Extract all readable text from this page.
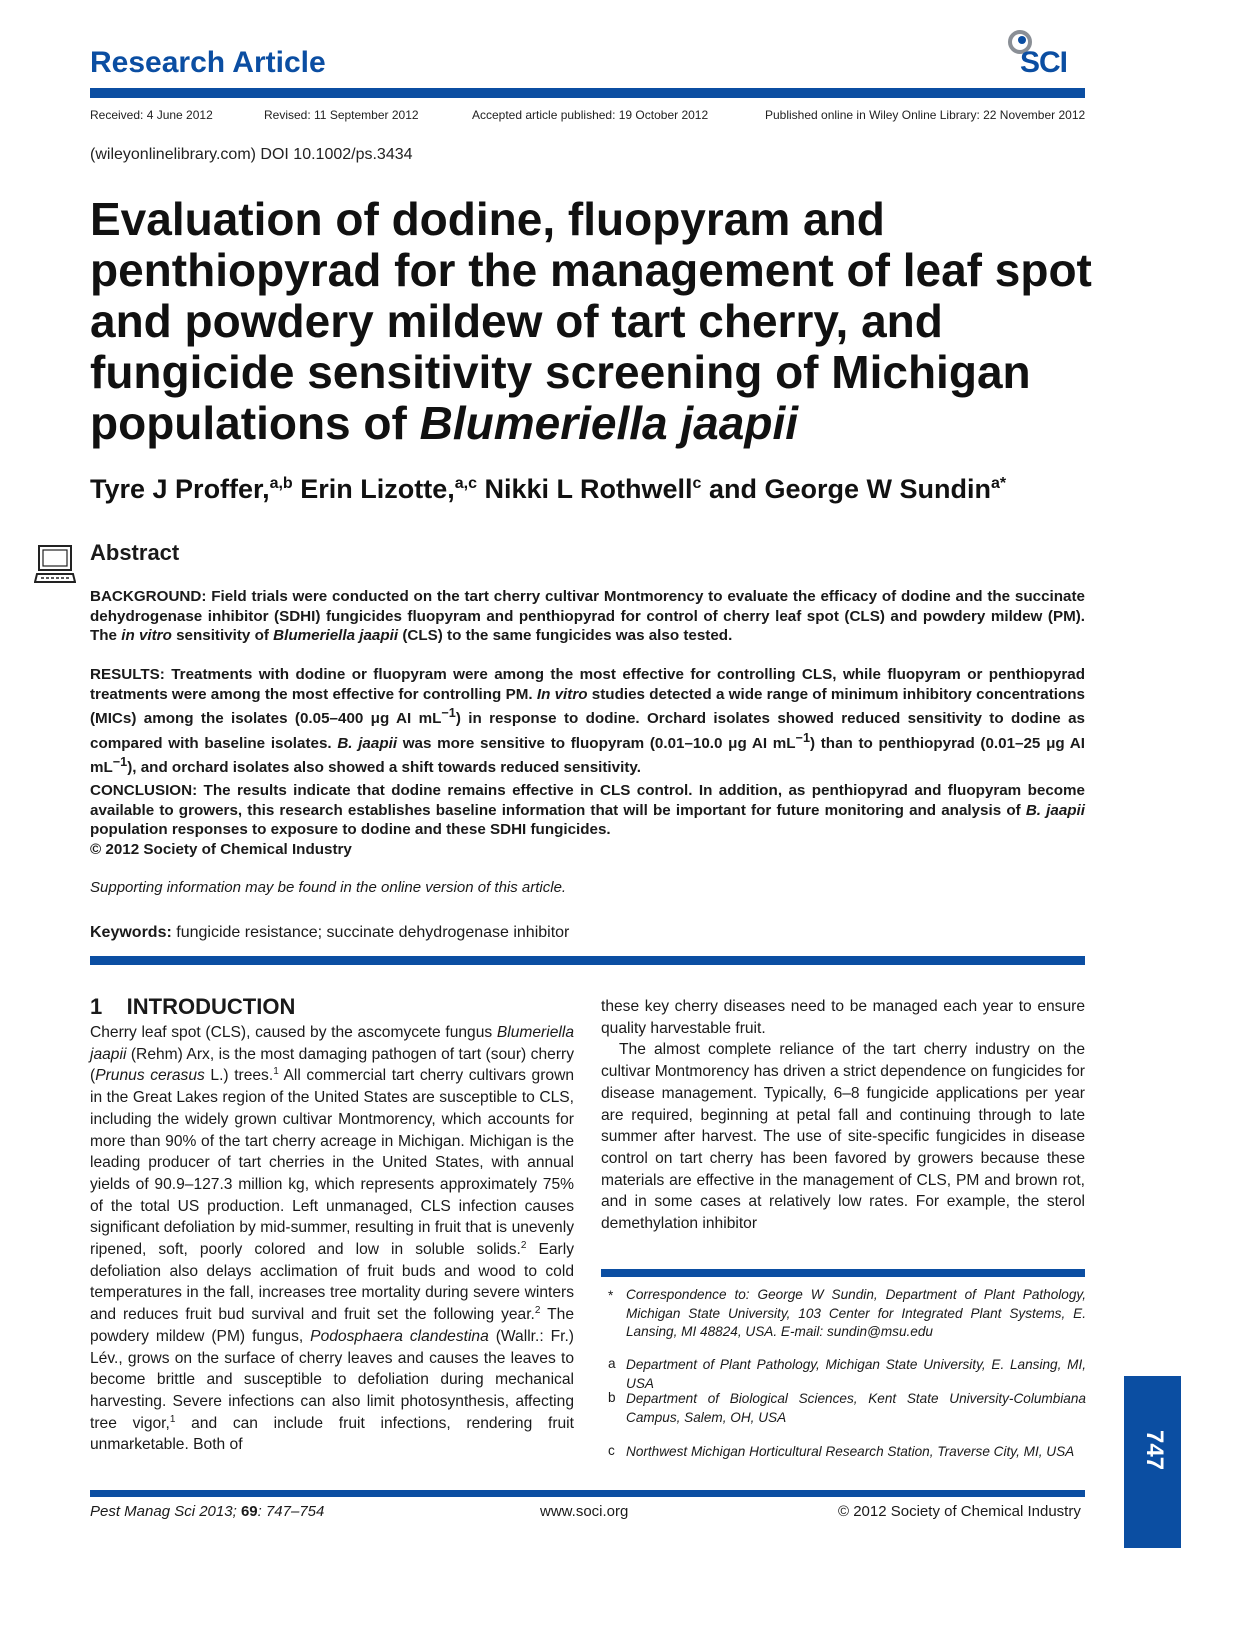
Research Article	SCI
Received: 4 June 2012	Revised: 11 September 2012	Accepted article published: 19 October 2012	Published online in Wiley Online Library: 22 November 2012
(wileyonlinelibrary.com) DOI 10.1002/ps.3434
Evaluation of dodine, fluopyram and penthiopyrad for the management of leaf spot and powdery mildew of tart cherry, and fungicide sensitivity screening of Michigan populations of Blumeriella jaapii
Tyre J Proffer,$^{a,b}$ Erin Lizotte,$^{a,c}$ Nikki L Rothwell$^c$ and George W Sundin$^{a*}$
Abstract
BACKGROUND: Field trials were conducted on the tart cherry cultivar Montmorency to evaluate the efficacy of dodine and the succinate dehydrogenase inhibitor (SDHI) fungicides fluopyram and penthiopyrad for control of cherry leaf spot (CLS) and powdery mildew (PM). The in vitro sensitivity of Blumeriella jaapii (CLS) to the same fungicides was also tested.
RESULTS: Treatments with dodine or fluopyram were among the most effective for controlling CLS, while fluopyram or penthiopyrad treatments were among the most effective for controlling PM. In vitro studies detected a wide range of minimum inhibitory concentrations (MICs) among the isolates (0.05–400 μg AI $mL^{-1}$) in response to dodine. Orchard isolates showed reduced sensitivity to dodine as compared with baseline isolates. B. jaapii was more sensitive to fluopyram (0.01–10.0 μg AI $mL^{-1}$) than to penthiopyrad (0.01–25 μg AI $mL^{-1}$), and orchard isolates also showed a shift towards reduced sensitivity.
CONCLUSION: The results indicate that dodine remains effective in CLS control. In addition, as penthiopyrad and fluopyram become available to growers, this research establishes baseline information that will be important for future monitoring and analysis of B. jaapii population responses to exposure to dodine and these SDHI fungicides.
© 2012 Society of Chemical Industry
Supporting information may be found in the online version of this article.
Keywords: fungicide resistance; succinate dehydrogenase inhibitor
1    INTRODUCTION

Cherry leaf spot (CLS), caused by the ascomycete fungus Blumeriella jaapii (Rehm) Arx, is the most damaging pathogen of tart (sour) cherry (Prunus cerasus L.) trees.$^1$ All commercial tart cherry cultivars grown in the Great Lakes region of the United States are susceptible to CLS, including the widely grown cultivar Montmorency, which accounts for more than 90% of the tart cherry acreage in Michigan. Michigan is the leading producer of tart cherries in the United States, with annual yields of 90.9–127.3 million kg, which represents approximately 75% of the total US production. Left unmanaged, CLS infection causes significant defoliation by mid-summer, resulting in fruit that is unevenly ripened, soft, poorly colored and low in soluble solids.$^2$ Early defoliation also delays acclimation of fruit buds and wood to cold temperatures in the fall, increases tree mortality during severe winters and reduces fruit bud survival and fruit set the following year.$^2$ The powdery mildew (PM) fungus, Podosphaera clandestina (Wallr.: Fr.) Lév., grows on the surface of cherry leaves and causes the leaves to become brittle and susceptible to defoliation during mechanical harvesting. Severe infections can also limit photosynthesis, affecting tree vigor,$^1$ and can include fruit infections, rendering fruit unmarketable. Both of

these key cherry diseases need to be managed each year to ensure quality harvestable fruit.

The almost complete reliance of the tart cherry industry on the cultivar Montmorency has driven a strict dependence on fungicides for disease management. Typically, 6–8 fungicide applications per year are required, beginning at petal fall and continuing through to late summer after harvest. The use of site-specific fungicides in disease control on tart cherry has been favored by growers because these materials are effective in the management of CLS, PM and brown rot, and in some cases at relatively low rates. For example, the sterol demethylation inhibitor

* Correspondence to: George W Sundin, Department of Plant Pathology, Michigan State University, 103 Center for Integrated Plant Systems, E. Lansing, MI 48824, USA. E-mail: sundin@msu.edu
a Department of Plant Pathology, Michigan State University, E. Lansing, MI, USA
b Department of Biological Sciences, Kent State University-Columbiana Campus, Salem, OH, USA
c Northwest Michigan Horticultural Research Station, Traverse City, MI, USA	747
Pest Manag Sci 2013; 69: 747–754	www.soci.org	© 2012 Society of Chemical Industry
